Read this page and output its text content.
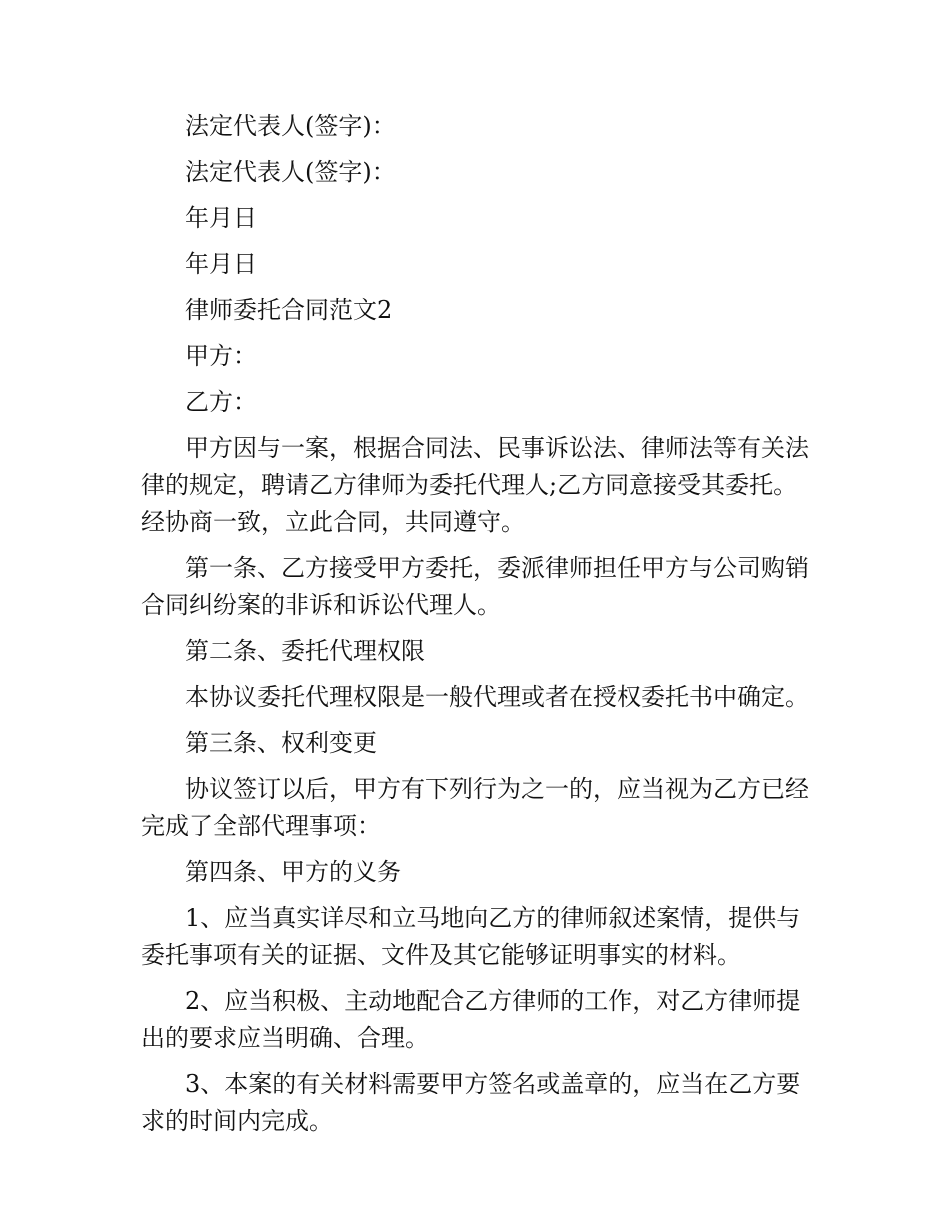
法定代表人(签字)：

法定代表人(签字)：

年月日

年月日

律师委托合同范文2

甲方：

乙方：

甲方因与一案，根据合同法、民事诉讼法、律师法等有关法律的规定，聘请乙方律师为委托代理人;乙方同意接受其委托。经协商一致，立此合同，共同遵守。

第一条、乙方接受甲方委托，委派律师担任甲方与公司购销合同纠纷案的非诉和诉讼代理人。

第二条、委托代理权限

本协议委托代理权限是一般代理或者在授权委托书中确定。

第三条、权利变更

协议签订以后，甲方有下列行为之一的，应当视为乙方已经完成了全部代理事项：

第四条、甲方的义务

1、应当真实详尽和立马地向乙方的律师叙述案情，提供与委托事项有关的证据、文件及其它能够证明事实的材料。

2、应当积极、主动地配合乙方律师的工作，对乙方律师提出的要求应当明确、合理。

3、本案的有关材料需要甲方签名或盖章的，应当在乙方要求的时间内完成。
